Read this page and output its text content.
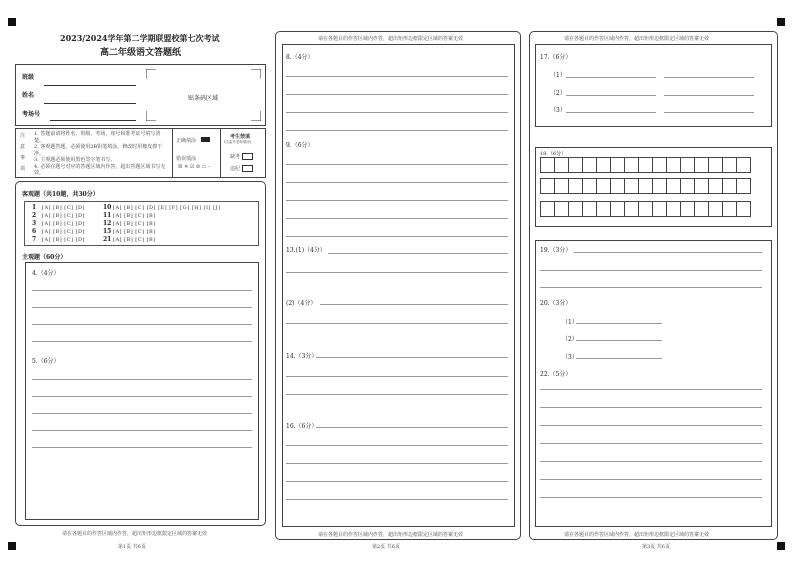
2023/2024学年第二学期联盟校第七次考试
高二年级语文答题纸
班级
姓名
考场号
贴条码区域
注
意
事
项
1. 答题前请将姓名、班级、考场、座号和准考证号填写清楚。
2. 客观题答题，必须使用2B铅笔填涂，修改时用橡皮擦干净。
3. 主观题必须使用黑色签字笔书写。
4. 必须在题号对应的答题区域内作答，超出答题区域书写无效。
正确填涂
错误填涂
☒ ✕ ☑ ⊘ ▭ -
考生禁填
(由监考老师填涂)
缺考
违纪
客观题（共10题，共30分）
1 [A] [B] [C] [D]
2 [A] [B] [C] [D]
3 [A] [B] [C] [D]
6 [A] [B] [C] [D]
7 [A] [B] [C] [D]
10 [A] [B] [C] [D] [E] [F] [G] [H] [I] [J]
11 [A] [B] [C] [B]
12 [A] [B] [C] [B]
15 [A] [B] [C] [B]
21 [A] [B] [C] [B]
主观题（60分）
4.（4分）
5.（6分）
请在各题目的作答区域内作答，超出矩形边框限定区域的答案无效
第1页 共6页
请在各题目的作答区域内作答，超出矩形边框限定区域的答案无效
8.（4分）
9.（6分）
13.(1)（4分）
(2)（4分）
14.（3分）
16.（6分）
请在各题目的作答区域内作答，超出矩形边框限定区域的答案无效
第2页 共6页
请在各题目的作答区域内作答，超出矩形边框限定区域的答案无效
17.（6分）
（1）
（2）
（3）
18.（6分）

19.（3分）
20.（3分）
（1）
（2）
（3）
22.（5分）
请在各题目的作答区域内作答，超出矩形边框限定区域的答案无效
第3页 共6页
